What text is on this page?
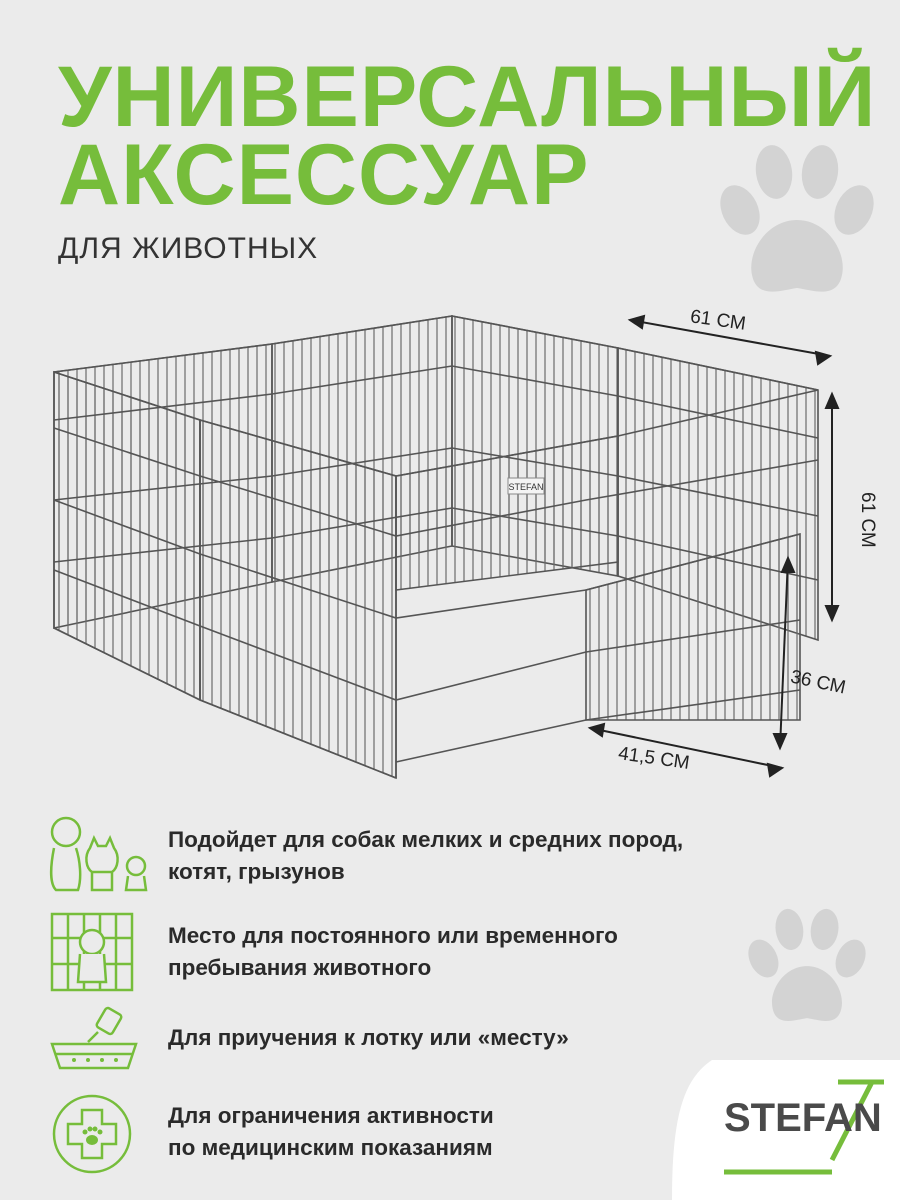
УНИВЕРСАЛЬНЫЙ
АКСЕССУАР

ДЛЯ ЖИВОТНЫХ

STEFAN
61 СМ
61 СМ
36 СМ
41,5 СМ
Подойдет для собак мелких и средних пород,
котят, грызунов
Место для постоянного или временного
пребывания животного
Для приучения к лотку или «месту»
Для ограничения активности
по медицинским показаниям
STEFAN
